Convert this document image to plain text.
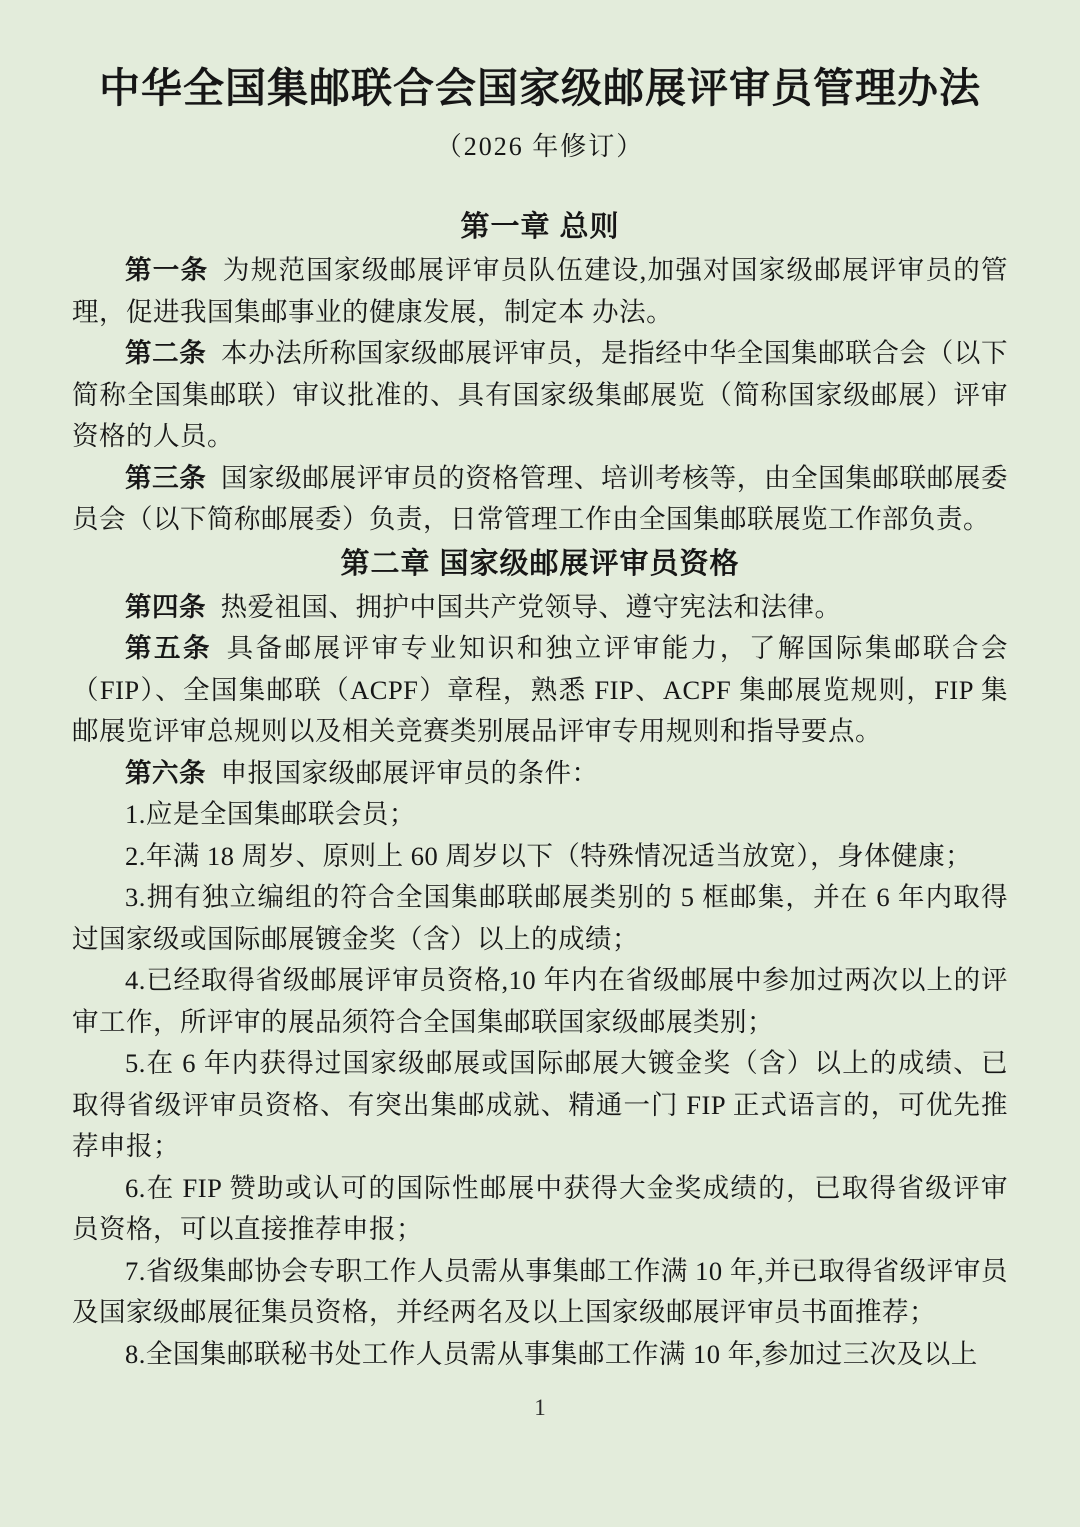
中华全国集邮联合会国家级邮展评审员管理办法
（2026 年修订）
第一章 总则

第一条 为规范国家级邮展评审员队伍建设,加强对国家级邮展评审员的管理，促进我国集邮事业的健康发展，制定本 办法。

第二条 本办法所称国家级邮展评审员，是指经中华全国集邮联合会（以下简称全国集邮联）审议批准的、具有国家级集邮展览（简称国家级邮展）评审资格的人员。

第三条 国家级邮展评审员的资格管理、培训考核等，由全国集邮联邮展委员会（以下简称邮展委）负责，日常管理工作由全国集邮联展览工作部负责。

第二章 国家级邮展评审员资格

第四条 热爱祖国、拥护中国共产党领导、遵守宪法和法律。

第五条 具备邮展评审专业知识和独立评审能力，了解国际集邮联合会（FIP）、全国集邮联（ACPF）章程，熟悉 FIP、ACPF 集邮展览规则，FIP 集邮展览评审总规则以及相关竞赛类别展品评审专用规则和指导要点。

第六条 申报国家级邮展评审员的条件：

1.应是全国集邮联会员；

2.年满 18 周岁、原则上 60 周岁以下（特殊情况适当放宽），身体健康；

3.拥有独立编组的符合全国集邮联邮展类别的 5 框邮集，并在 6 年内取得过国家级或国际邮展镀金奖（含）以上的成绩；

4.已经取得省级邮展评审员资格,10 年内在省级邮展中参加过两次以上的评审工作，所评审的展品须符合全国集邮联国家级邮展类别；

5.在 6 年内获得过国家级邮展或国际邮展大镀金奖（含）以上的成绩、已取得省级评审员资格、有突出集邮成就、精通一门 FIP 正式语言的，可优先推荐申报；

6.在 FIP 赞助或认可的国际性邮展中获得大金奖成绩的，已取得省级评审员资格，可以直接推荐申报；

7.省级集邮协会专职工作人员需从事集邮工作满 10 年,并已取得省级评审员及国家级邮展征集员资格，并经两名及以上国家级邮展评审员书面推荐；

8.全国集邮联秘书处工作人员需从事集邮工作满 10 年,参加过三次及以上

1
